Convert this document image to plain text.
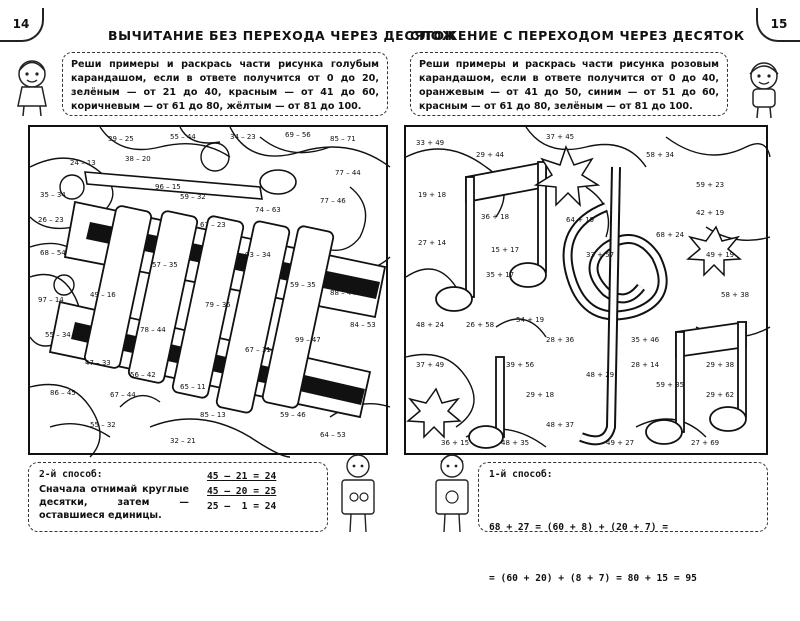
14	15
ВЫЧИТАНИЕ БЕЗ ПЕРЕХОДА ЧЕРЕЗ ДЕСЯТОК
СЛОЖЕНИЕ С ПЕРЕХОДОМ ЧЕРЕЗ ДЕСЯТОК
Реши примеры и раскрась части рисунка голубым карандашом, если в ответе получится от 0 до 20, зелёным — от 21 до 40, красным — от 41 до 60, коричневым — от 61 до 80, жёлтым — от 81 до 100.
Реши примеры и раскрась части рисунка розовым карандашом, если в ответе получится от 0 до 40, оранжевым — от 41 до 50, синим — от 51 до 60, красным — от 61 до 80, зелёным — от 81 до 100.
39 – 25	55 – 44	34 – 23	69 – 56	85 – 71
24 – 13	38 – 20
77 – 44
96 – 15
59 – 32	77 – 46
67 – 23
26 – 23
74 – 63
35 – 34
68 – 54
97 – 14
49 – 16
57 – 35
93 – 34
88 – 44
59 – 35
47 – 33
56 – 42
65 – 11
67 – 31
64 – 53
32 – 21
67 – 44
85 – 13
86 – 45
78 – 44
59 – 46
55 – 32
84 – 53
55 – 34
79 – 35
99 – 47
33 + 49
37 + 45
29 + 44	58 + 34
59 + 23
58 + 38
42 + 19
19 + 18
36 + 18
27 + 14
64 + 19
33 + 57	49 + 19
15 + 17
35 + 17
68 + 24
48 + 24	26 + 58
54 + 19
28 + 36	35 + 46
48 + 29
29 + 38
39 + 56
59 + 35
28 + 14
29 + 18
48 + 37
37 + 49
29 + 62
48 + 35	49 + 27	27 + 69
36 + 15
2-й способ:
Сначала отнимай круглые десятки, затем — оставшиеся единицы.
45 – 21 = 24
45 – 20 = 25
25 –  1 = 24
1-й способ:

68 + 27 = (60 + 8) + (20 + 7) =

= (60 + 20) + (8 + 7) = 80 + 15 = 95
